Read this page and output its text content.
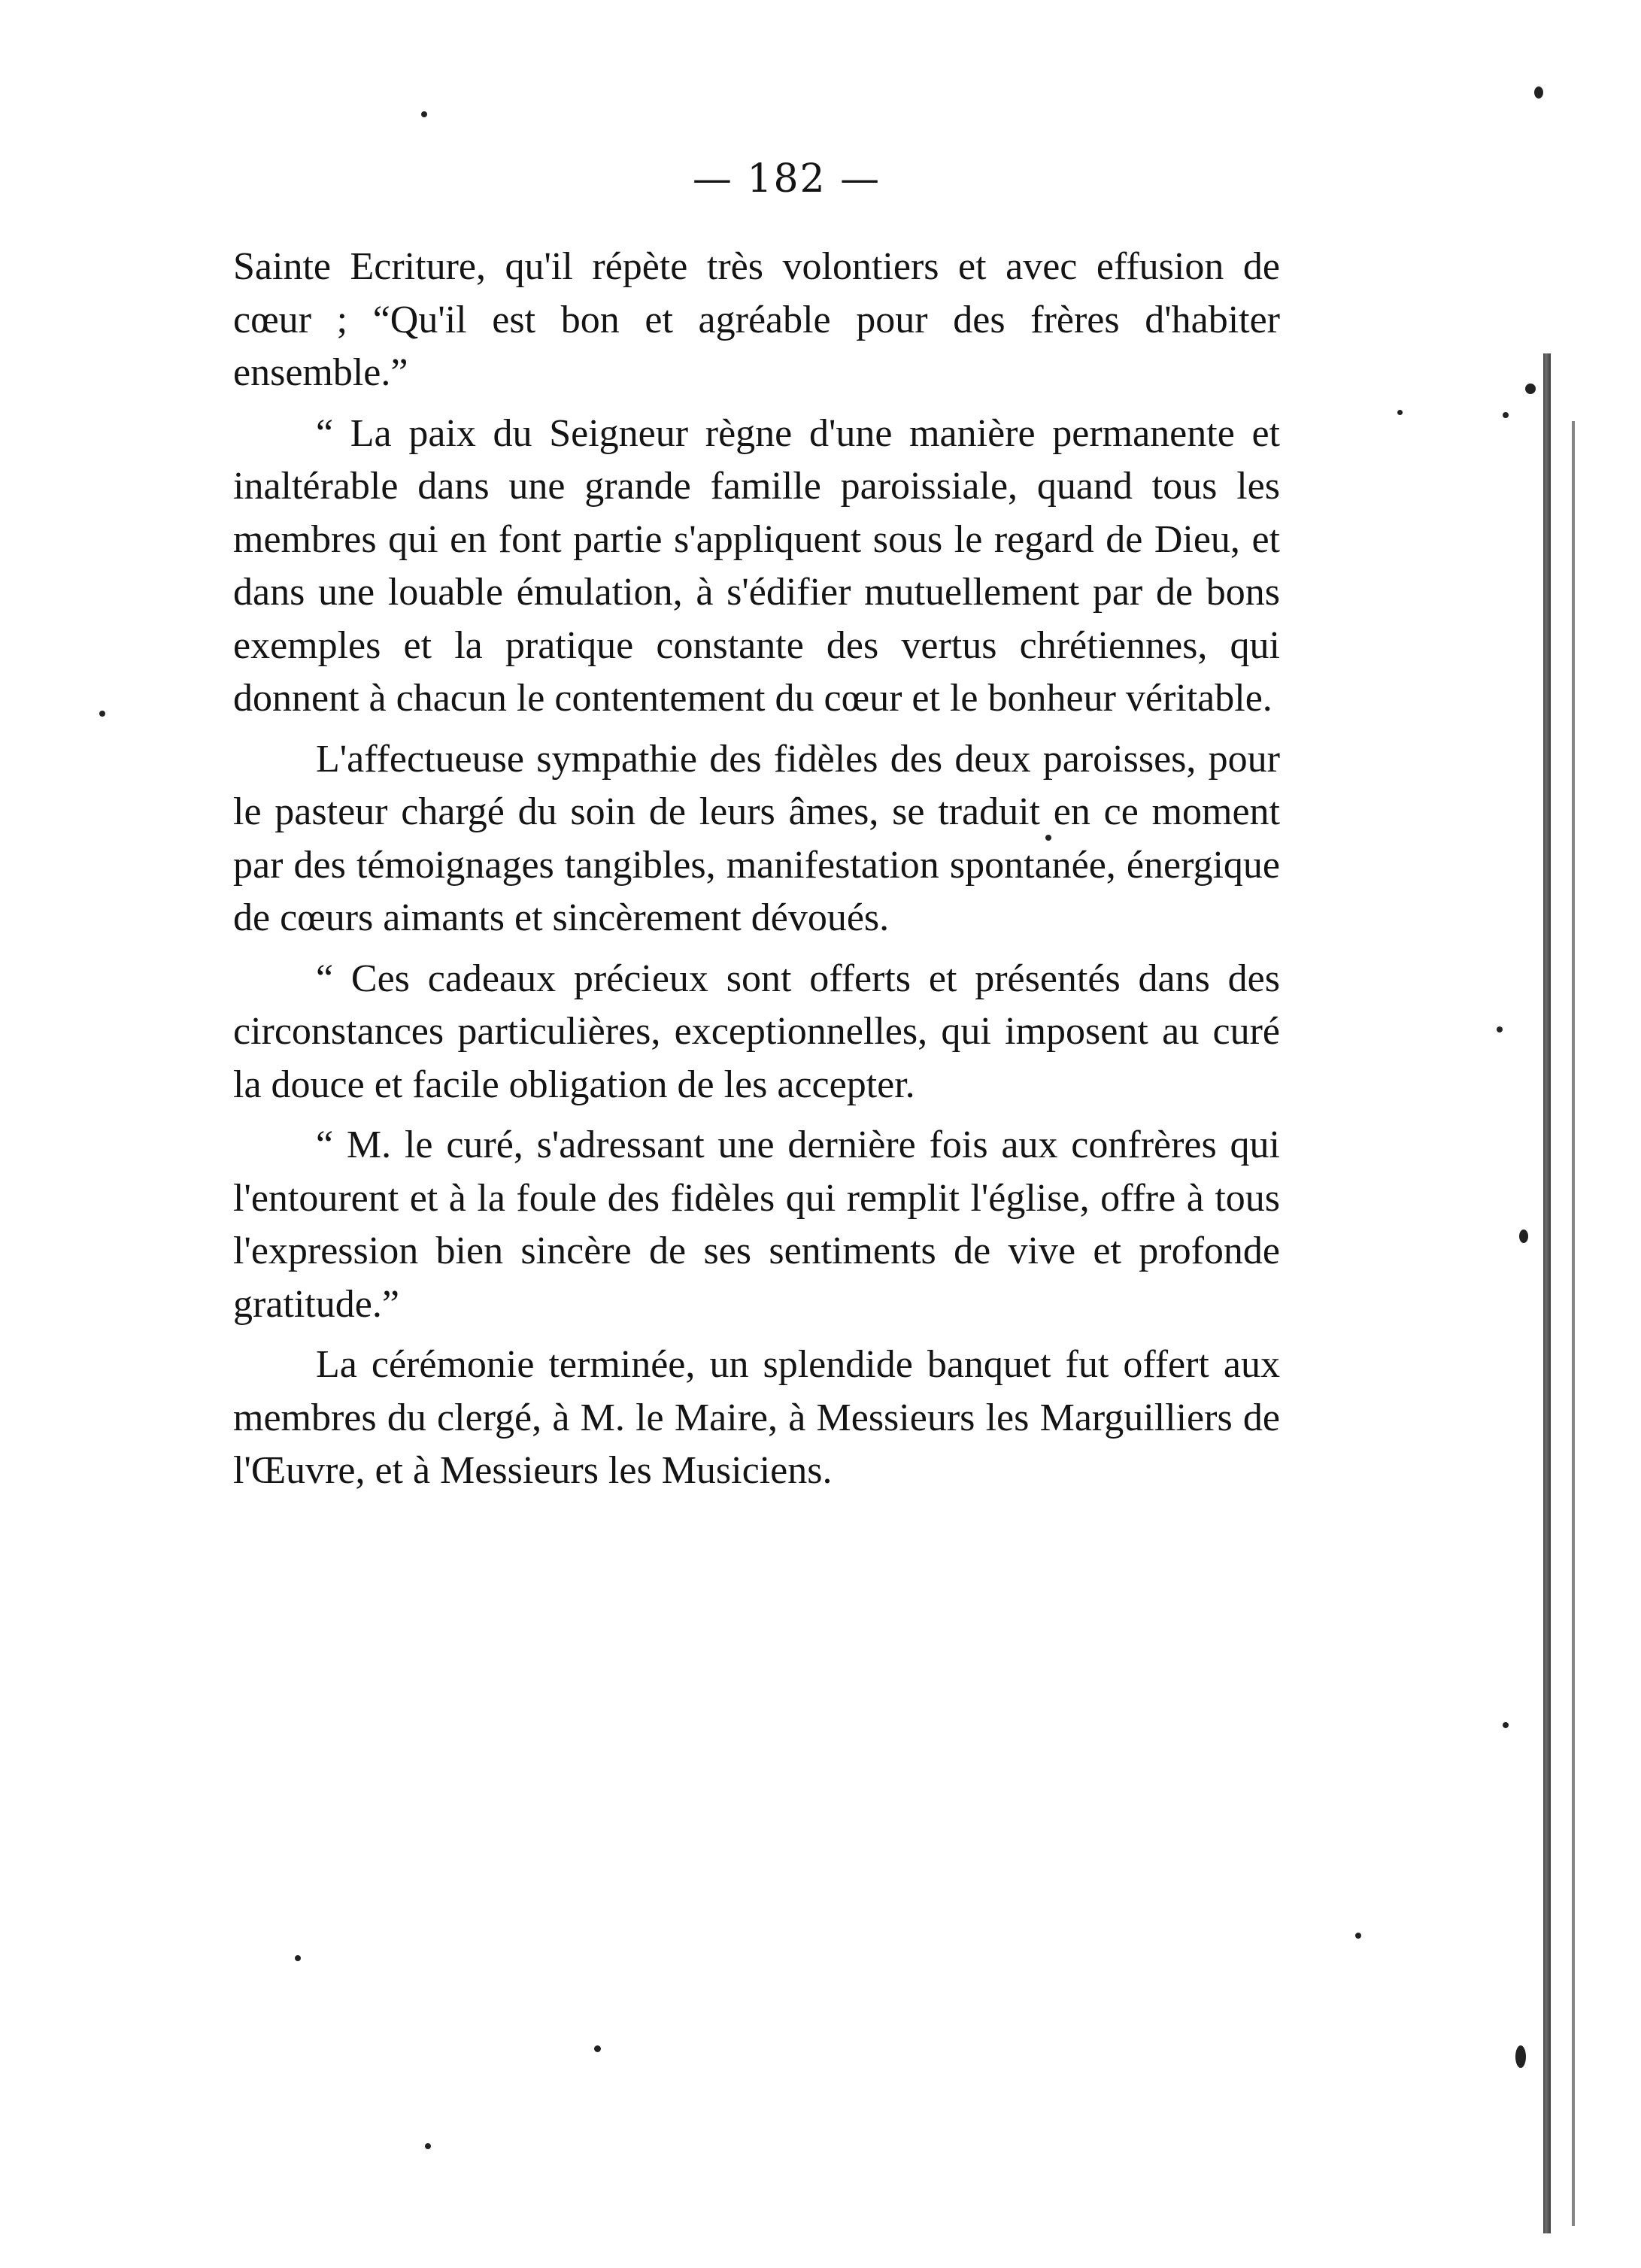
— 182 —

Sainte Ecriture, qu'il répète très volontiers et avec effusion de cœur ; “Qu'il est bon et agréable pour des frères d'habiter ensemble.”

“ La paix du Seigneur règne d'une manière permanente et inaltérable dans une grande famille paroissiale, quand tous les membres qui en font partie s'appliquent sous le regard de Dieu, et dans une louable émulation, à s'édifier mutuellement par de bons exemples et la pratique constante des vertus chrétiennes, qui donnent à chacun le contentement du cœur et le bonheur véritable.

L'affectueuse sympathie des fidèles des deux paroisses, pour le pasteur chargé du soin de leurs âmes, se traduit en ce moment par des témoignages tangibles, manifestation spontanée, énergique de cœurs aimants et sincèrement dévoués.

“ Ces cadeaux précieux sont offerts et présentés dans des circonstances particulières, exceptionnelles, qui imposent au curé la douce et facile obligation de les accepter.

“ M. le curé, s'adressant une dernière fois aux confrères qui l'entourent et à la foule des fidèles qui remplit l'église, offre à tous l'expression bien sincère de ses sentiments de vive et profonde gratitude.”

La cérémonie terminée, un splendide banquet fut offert aux membres du clergé, à M. le Maire, à Messieurs les Marguilliers de l'Œuvre, et à Messieurs les Musiciens.
